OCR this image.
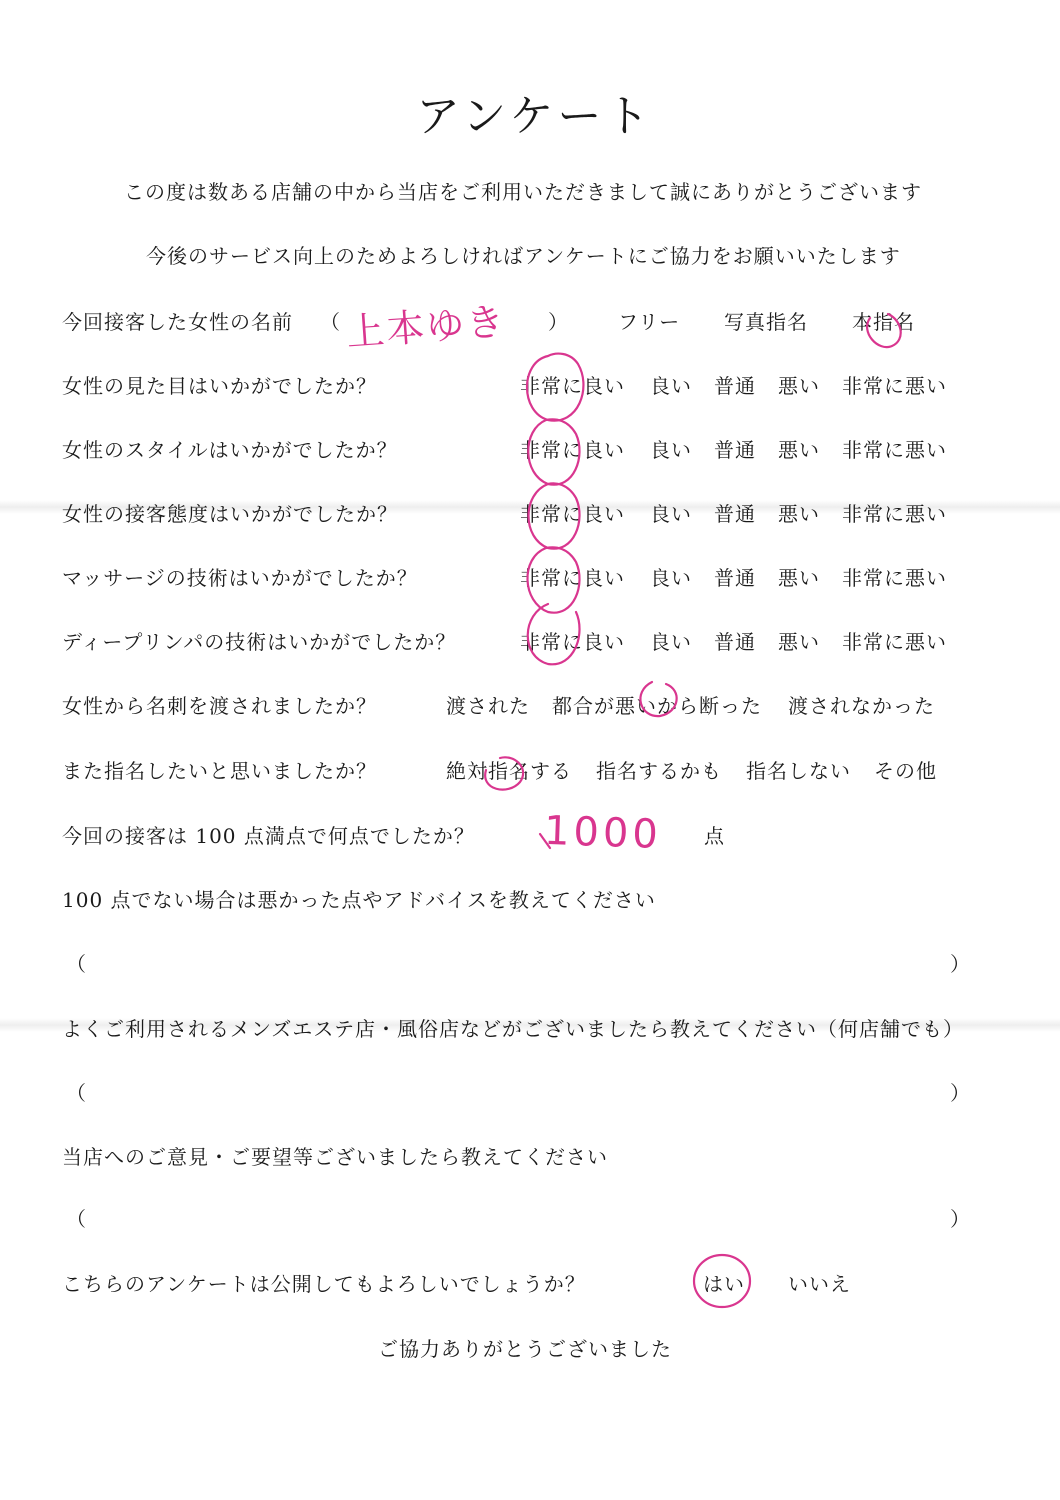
アンケート
この度は数ある店舗の中から当店をご利用いただきまして誠にありがとうございます
今後のサービス向上のためよろしければアンケートにご協力をお願いいたします
今回接客した女性の名前 （ 上本ゆき ） フリー 写真指名 本指名
女性の見た目はいかがでしたか？	非常に良い 良い 普通 悪い 非常に悪い
女性のスタイルはいかがでしたか？	非常に良い 良い 普通 悪い 非常に悪い
女性の接客態度はいかがでしたか？	非常に良い 良い 普通 悪い 非常に悪い
マッサージの技術はいかがでしたか？	非常に良い 良い 普通 悪い 非常に悪い
ディープリンパの技術はいかがでしたか？	非常に良い 良い 普通 悪い 非常に悪い
女性から名刺を渡されましたか？	渡された 都合が悪いから断った 渡されなかった
また指名したいと思いましたか？	絶対指名する 指名するかも 指名しない その他
今回の接客は 100 点満点で何点でしたか？ 1000 点
100 点でない場合は悪かった点やアドバイスを教えてください
（	）
よくご利用されるメンズエステ店・風俗店などがございましたら教えてください（何店舗でも）
（	）
当店へのご意見・ご要望等ございましたら教えてください
（	）
こちらのアンケートは公開してもよろしいでしょうか？	はい いいえ
ご協力ありがとうございました
